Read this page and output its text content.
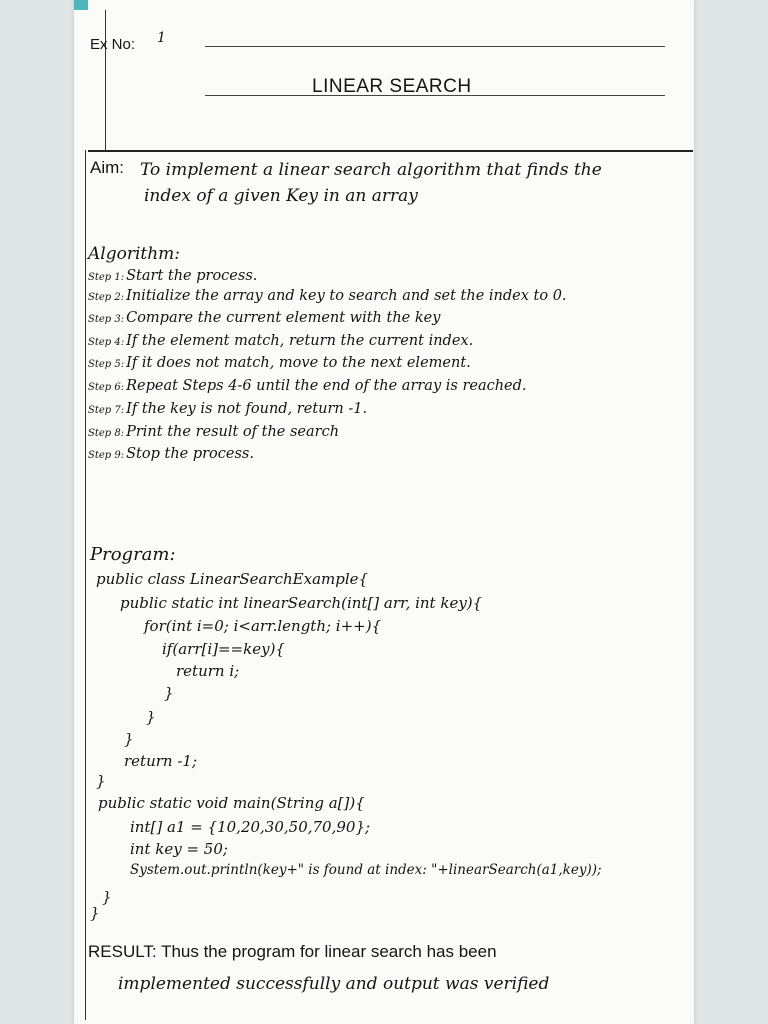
Ex No: 1
LINEAR SEARCH
Aim: To implement a linear search algorithm that finds the
index of a given Key in an array
Algorithm:
Step 1: Start the process.
Step 2: Initialize the array and key to search and set the index to 0.
Step 3: Compare the current element with the key
Step 4: If the element match, return the current index.
Step 5: If it does not match, move to the next element.
Step 6: Repeat Steps 4-6 until the end of the array is reached.
Step 7: If the key is not found, return -1.
Step 8: Print the result of the search
Step 9: Stop the process.
Program:
public class LinearSearchExample{
public static int linearSearch(int[] arr, int key){
for(int i=0; i<arr.length; i++){
if(arr[i]==key){
return i;
}
}
}
return -1;
}
public static void main(String a[]){
int[] a1 = {10,20,30,50,70,90};
int key = 50;
System.out.println(key+" is found at index: "+linearSearch(a1,key));
}
}
RESULT: Thus the program for linear search has been
implemented successfully and output was verified
